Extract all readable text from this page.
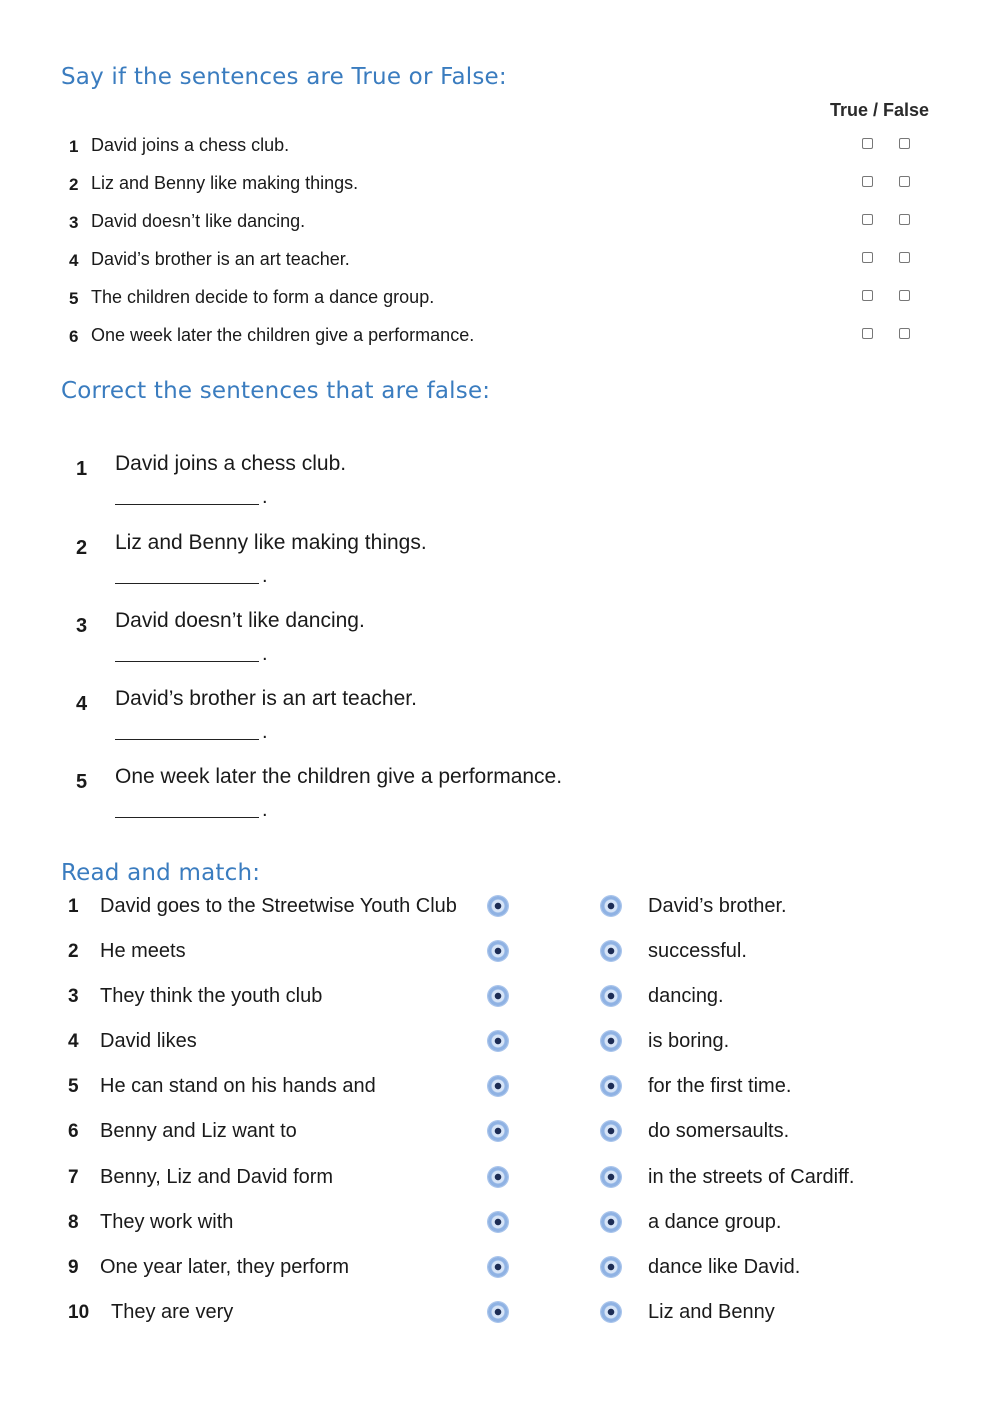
Say if the sentences are True or False:
True / False
1 David joins a chess club.
2 Liz and Benny like making things.
3 David doesn’t like dancing.
4 David’s brother is an art teacher.
5 The children decide to form a dance group.
6 One week later the children give a performance.
Correct the sentences that are false:
1 David joins a chess club.
.
2 Liz and Benny like making things.
.
3 David doesn’t like dancing.
.
4 David’s brother is an art teacher.
.
5 One week later the children give a performance.
.
Read and match:
1 David goes to the Streetwise Youth Club	David’s brother.
2 He meets	successful.
3 They think the youth club	dancing.
4 David likes	is boring.
5 He can stand on his hands and	for the first time.
6 Benny and Liz want to	do somersaults.
7 Benny, Liz and David form	in the streets of Cardiff.
8 They work with	a dance group.
9 One year later, they perform	dance like David.
10 They are very	Liz and Benny
